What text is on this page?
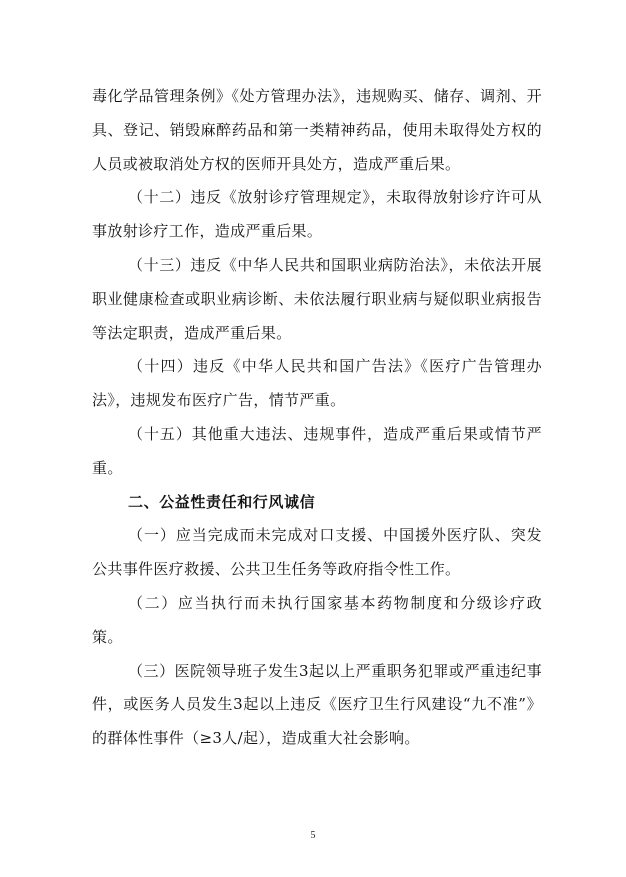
毒化学品管理条例》《处方管理办法》，违规购买、储存、调剂、开具、登记、销毁麻醉药品和第一类精神药品，使用未取得处方权的人员或被取消处方权的医师开具处方，造成严重后果。

（十二）违反《放射诊疗管理规定》，未取得放射诊疗许可从事放射诊疗工作，造成严重后果。

（十三）违反《中华人民共和国职业病防治法》，未依法开展职业健康检查或职业病诊断、未依法履行职业病与疑似职业病报告等法定职责，造成严重后果。

（十四）违反《中华人民共和国广告法》《医疗广告管理办法》，违规发布医疗广告，情节严重。

（十五）其他重大违法、违规事件，造成严重后果或情节严重。

二、公益性责任和行风诚信

（一）应当完成而未完成对口支援、中国援外医疗队、突发公共事件医疗救援、公共卫生任务等政府指令性工作。

（二）应当执行而未执行国家基本药物制度和分级诊疗政策。

（三）医院领导班子发生3起以上严重职务犯罪或严重违纪事件，或医务人员发生3起以上违反《医疗卫生行风建设“九不准”》的群体性事件（≥3人/起），造成重大社会影响。

5
